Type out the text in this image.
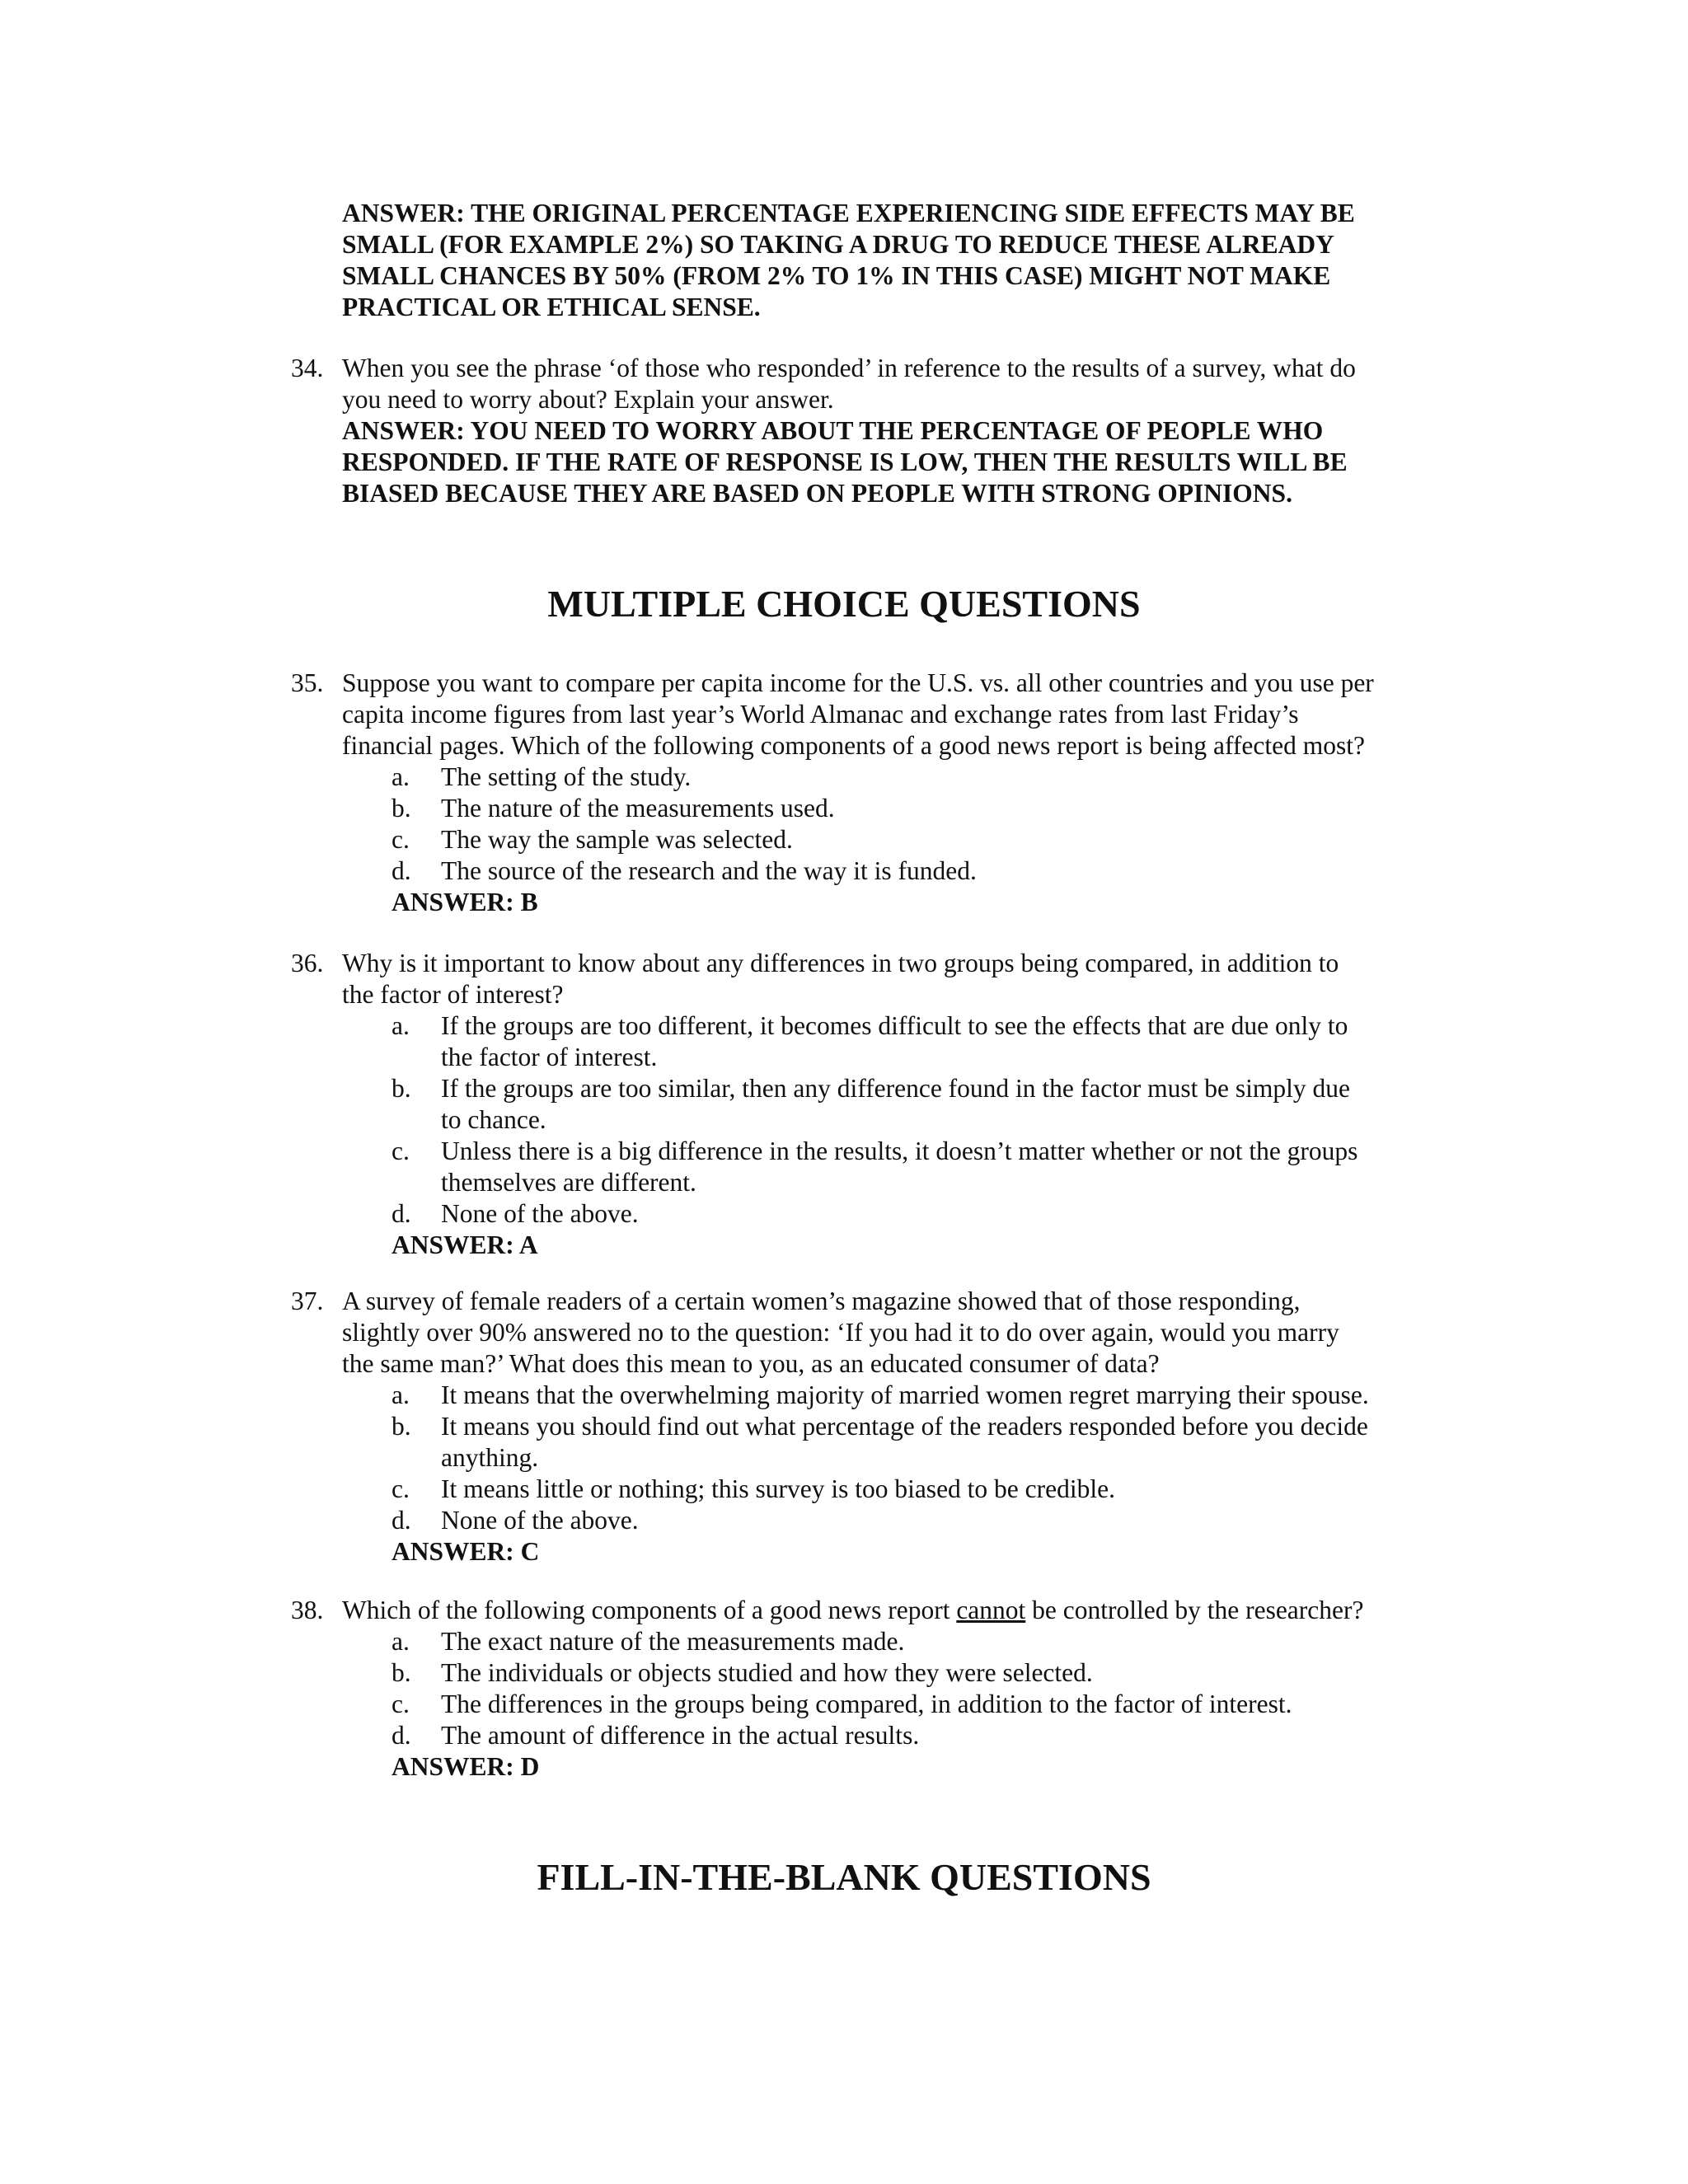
ANSWER: THE ORIGINAL PERCENTAGE EXPERIENCING SIDE EFFECTS MAY BE
SMALL (FOR EXAMPLE 2%) SO TAKING A DRUG TO REDUCE THESE ALREADY
SMALL CHANCES BY 50% (FROM 2% TO 1% IN THIS CASE) MIGHT NOT MAKE
PRACTICAL OR ETHICAL SENSE.
34. When you see the phrase ‘of those who responded’ in reference to the results of a survey, what do
you need to worry about? Explain your answer.
ANSWER: YOU NEED TO WORRY ABOUT THE PERCENTAGE OF PEOPLE WHO
RESPONDED. IF THE RATE OF RESPONSE IS LOW, THEN THE RESULTS WILL BE
BIASED BECAUSE THEY ARE BASED ON PEOPLE WITH STRONG OPINIONS.
MULTIPLE CHOICE QUESTIONS
35. Suppose you want to compare per capita income for the U.S. vs. all other countries and you use per
capita income figures from last year’s World Almanac and exchange rates from last Friday’s
financial pages. Which of the following components of a good news report is being affected most?
a.	The setting of the study.
b.	The nature of the measurements used.
c.	The way the sample was selected.
d.	The source of the research and the way it is funded.
ANSWER: B
36. Why is it important to know about any differences in two groups being compared, in addition to
the factor of interest?
a.	If the groups are too different, it becomes difficult to see the effects that are due only to
the factor of interest.
b.	If the groups are too similar, then any difference found in the factor must be simply due
to chance.
c.	Unless there is a big difference in the results, it doesn’t matter whether or not the groups
themselves are different.
d.	None of the above.
ANSWER: A
37. A survey of female readers of a certain women’s magazine showed that of those responding,
slightly over 90% answered no to the question: ‘If you had it to do over again, would you marry
the same man?’ What does this mean to you, as an educated consumer of data?
a.	It means that the overwhelming majority of married women regret marrying their spouse.
b.	It means you should find out what percentage of the readers responded before you decide
anything.
c.	It means little or nothing; this survey is too biased to be credible.
d.	None of the above.
ANSWER: C
38. Which of the following components of a good news report cannot be controlled by the researcher?
a.	The exact nature of the measurements made.
b.	The individuals or objects studied and how they were selected.
c.	The differences in the groups being compared, in addition to the factor of interest.
d.	The amount of difference in the actual results.
ANSWER: D
FILL-IN-THE-BLANK QUESTIONS
